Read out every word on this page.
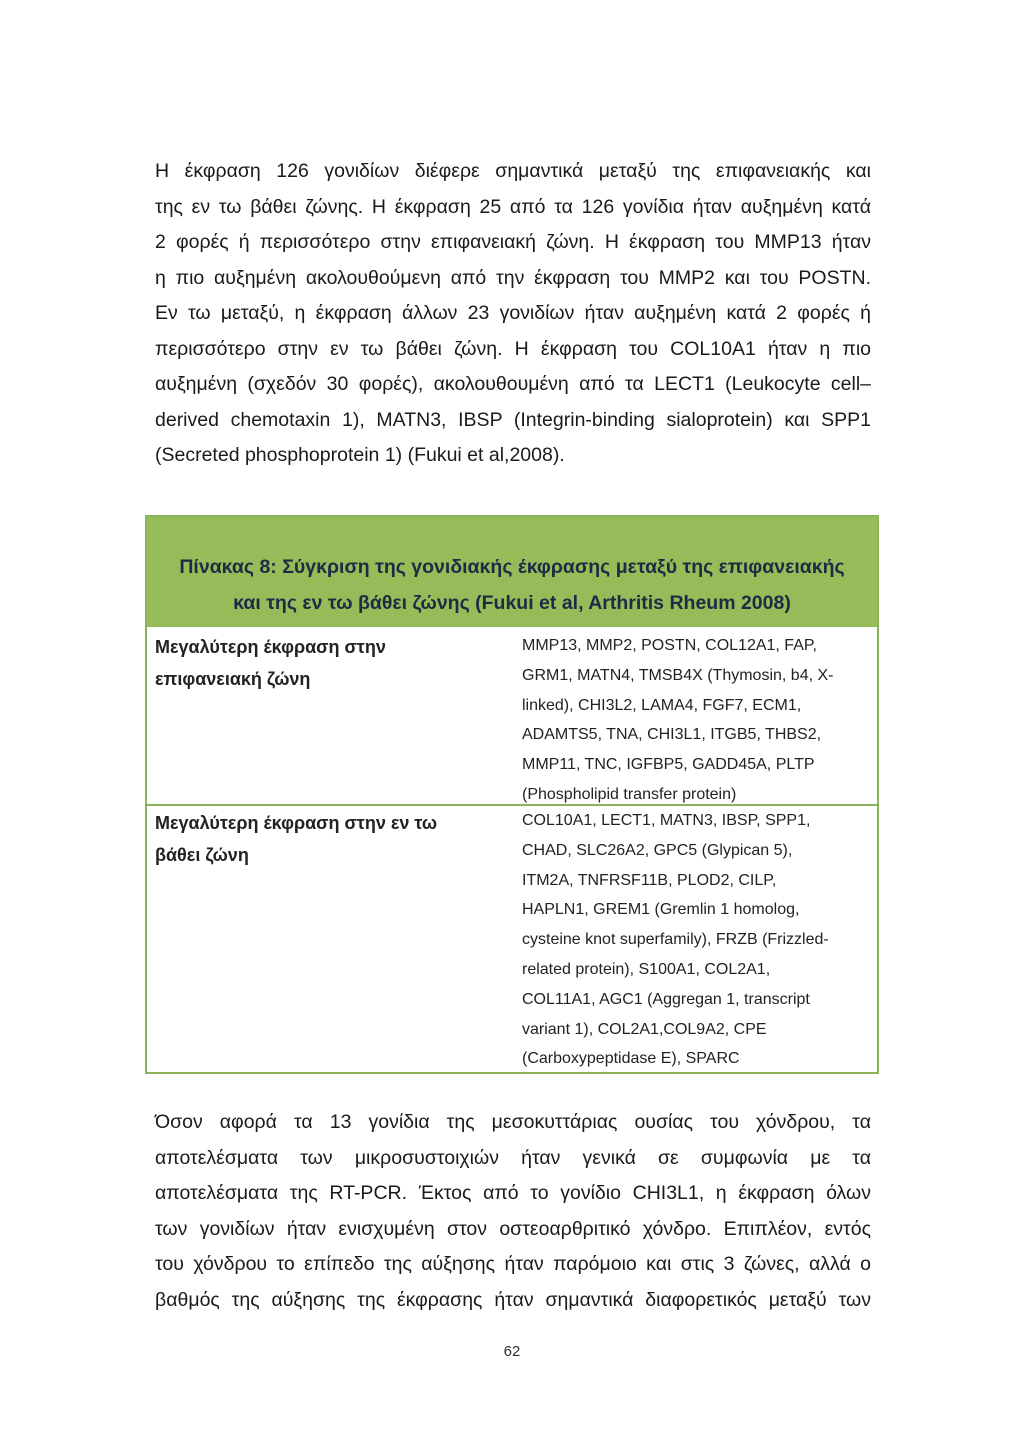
Η έκφραση 126 γονιδίων διέφερε σημαντικά μεταξύ της επιφανειακής και
της εν τω βάθει ζώνης. Η έκφραση 25 από τα 126 γονίδια ήταν αυξημένη κατά
2 φορές ή περισσότερο στην επιφανειακή ζώνη. Η έκφραση του MMP13 ήταν
η πιο αυξημένη ακολουθούμενη από την έκφραση του MMP2 και του POSTN.
Εν τω μεταξύ, η έκφραση άλλων 23 γονιδίων ήταν αυξημένη κατά 2 φορές ή
περισσότερο στην εν τω βάθει ζώνη. Η έκφραση του COL10A1 ήταν η πιο
αυξημένη (σχεδόν 30 φορές), ακολουθουμένη από τα LECT1 (Leukocyte cell–
derived chemotaxin 1), MATN3, IBSP (Integrin-binding sialoprotein) και SPP1
(Secreted phosphoprotein 1) (Fukui et al,2008).
Πίνακας 8: Σύγκριση της γονιδιακής έκφρασης μεταξύ της επιφανειακής
και της εν τω βάθει ζώνης (Fukui et al, Arthritis Rheum 2008)
Μεγαλύτερη έκφραση στην
επιφανειακή ζώνη
MMP13, MMP2, POSTN, COL12A1, FAP,
GRM1, MATN4, TMSB4X (Thymosin, b4, X-
linked), CHI3L2, LAMA4, FGF7, ECM1,
ADAMTS5, TNA, CHI3L1, ITGB5, THBS2,
MMP11, TNC, IGFBP5, GADD45A, PLTP
(Phospholipid transfer protein)
Μεγαλύτερη έκφραση στην εν τω
βάθει ζώνη
COL10A1, LECT1, MATN3, IBSP, SPP1,
CHAD, SLC26A2, GPC5 (Glypican 5),
ITM2A, TNFRSF11B, PLOD2, CILP,
HAPLN1, GREM1 (Gremlin 1 homolog,
cysteine knot superfamily), FRZB (Frizzled-
related protein), S100A1, COL2A1,
COL11A1, AGC1 (Aggregan 1, transcript
variant 1), COL2A1,COL9A2, CPE
(Carboxypeptidase E), SPARC
Όσον αφορά τα 13 γονίδια της μεσοκυττάριας ουσίας του χόνδρου, τα
αποτελέσματα των μικροσυστοιχιών ήταν γενικά σε συμφωνία με τα
αποτελέσματα της RT-PCR. Έκτος από το γονίδιο CHI3L1, η έκφραση όλων
των γονιδίων ήταν ενισχυμένη στον οστεοαρθριτικό χόνδρο. Επιπλέον, εντός
του χόνδρου το επίπεδο της αύξησης ήταν παρόμοιο και στις 3 ζώνες, αλλά ο
βαθμός της αύξησης της έκφρασης ήταν σημαντικά διαφορετικός μεταξύ των
62
